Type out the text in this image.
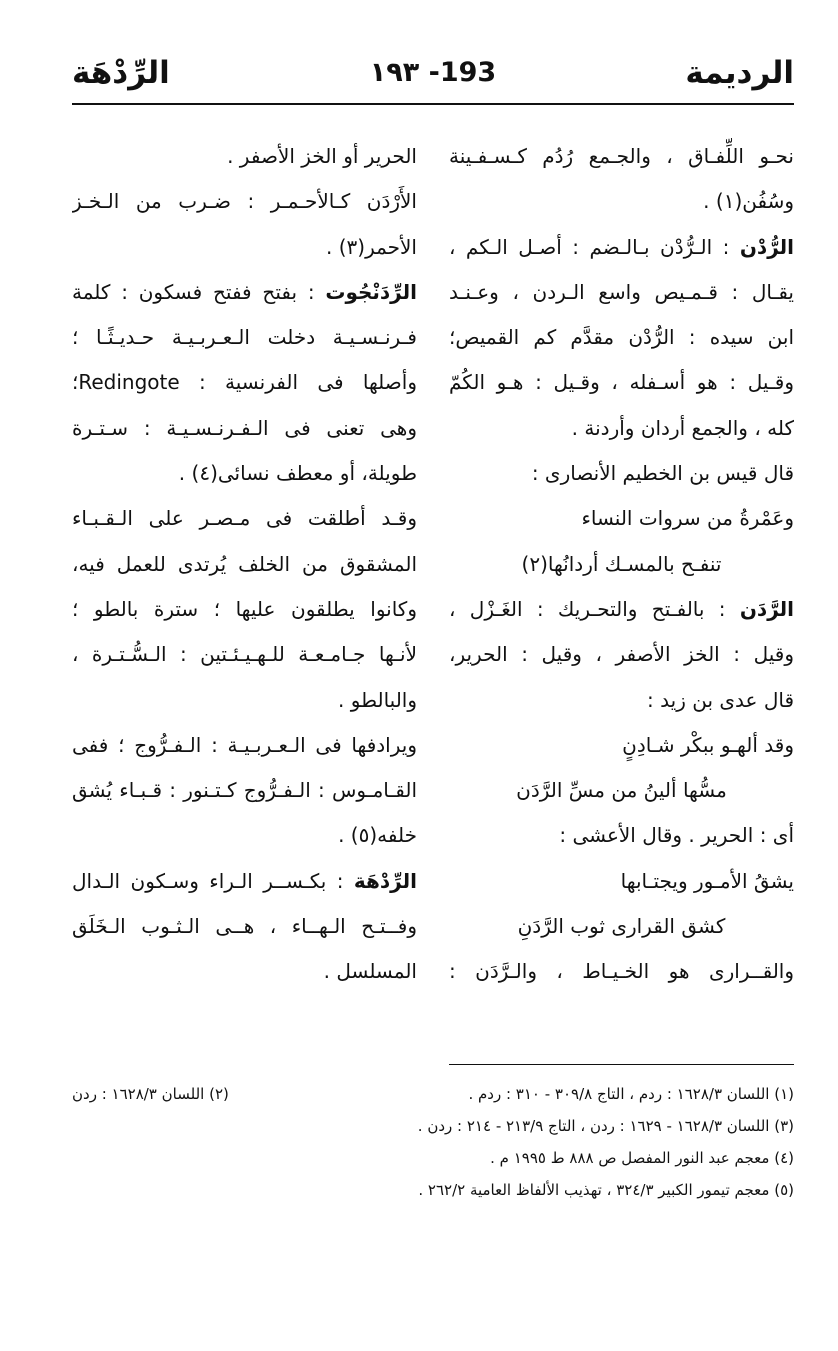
الرديمة
١٩٣ -193
الرِّدْهَة
نحـو اللِّفـاق ، والجـمع رُدُم كـسـفـينة
وسُفُن(١) .
الرُّدْن : الـرُّدْن بـالـضم : أصـل الـكم ،
يقـال : قـمـيص واسع الـردن ، وعـنـد
ابن سيده : الرُّدْن مقدَّم كم القميص؛
وقـيل : هو أسـفله ، وقـيل : هـو الكُمّ
كله ، والجمع أردان وأردنة .
قال قيس بن الخطيم الأنصارى :
وعَمْرةُ من سروات النساء
تنفـح بالمسـك أردانُها(٢)
الرَّدَن : بالفـتح والتحـريك : الغَـزْل ،
وقيل : الخز الأصفر ، وقيل : الحرير،
قال عدى بن زيد :
وقد ألهـو ببكْر شـادِنٍ
مسُّها ألينُ من مسِّ الرَّدَن
أى : الحرير . وقال الأعشى :
يشقُ الأمـور ويجتـابها
كشق القرارى ثوب الرَّدَنِ
والقــرارى هو الخـيـاط ، والـرَّدَن :
الحرير أو الخز الأصفر .
الأَرْدَن كـالأحـمـر : ضـرب من الـخـز
الأحمر(٣) .
الرِّدَنْجُوت : بفتح ففتح فسكون : كلمة
فـرنـسـيـة دخلت الـعـربـيـة حـديـثًـا ؛
وأصلها فى الفرنسية : Redingote؛
وهى تعنى فى الـفـرنـسـيـة : سـتـرة
طويلة، أو معطف نسائى(٤) .
وقـد أطلقت فى مـصـر على الـقـبـاء
المشقوق من الخلف يُرتدى للعمل فيه،
وكانوا يطلقون عليها ؛ سترة بالطو ؛
لأنـها جـامـعـة للـهـيـئـتين : الـسُّـتـرة ،
والبالطو .
ويرادفها فى الـعـربـيـة : الـفـرُّوج ؛ ففى
القـامـوس : الـفـرُّوج كـتـنور : قـبـاء يُشق
خلفه(٥) .
الرِّدْهَة : بكـســر الـراء وسـكون الـدال
وفــتـح الـهــاء ، هــى الـثـوب الـخَلَق
المسلسل .
(١) اللسان ١٦٢٨/٣ : ردم ، التاج ٣٠٩/٨ - ٣١٠ : ردم .
(٢) اللسان ١٦٢٨/٣ : ردن
(٣) اللسان ١٦٢٨/٣ - ١٦٢٩ : ردن ، التاج ٢١٣/٩ - ٢١٤ : ردن .
(٤) معجم عبد النور المفصل ص ٨٨٨ ط ١٩٩٥ م .
(٥) معجم تيمور الكبير ٣٢٤/٣ ، تهذيب الألفاظ العامية ٢٦٢/٢ .
